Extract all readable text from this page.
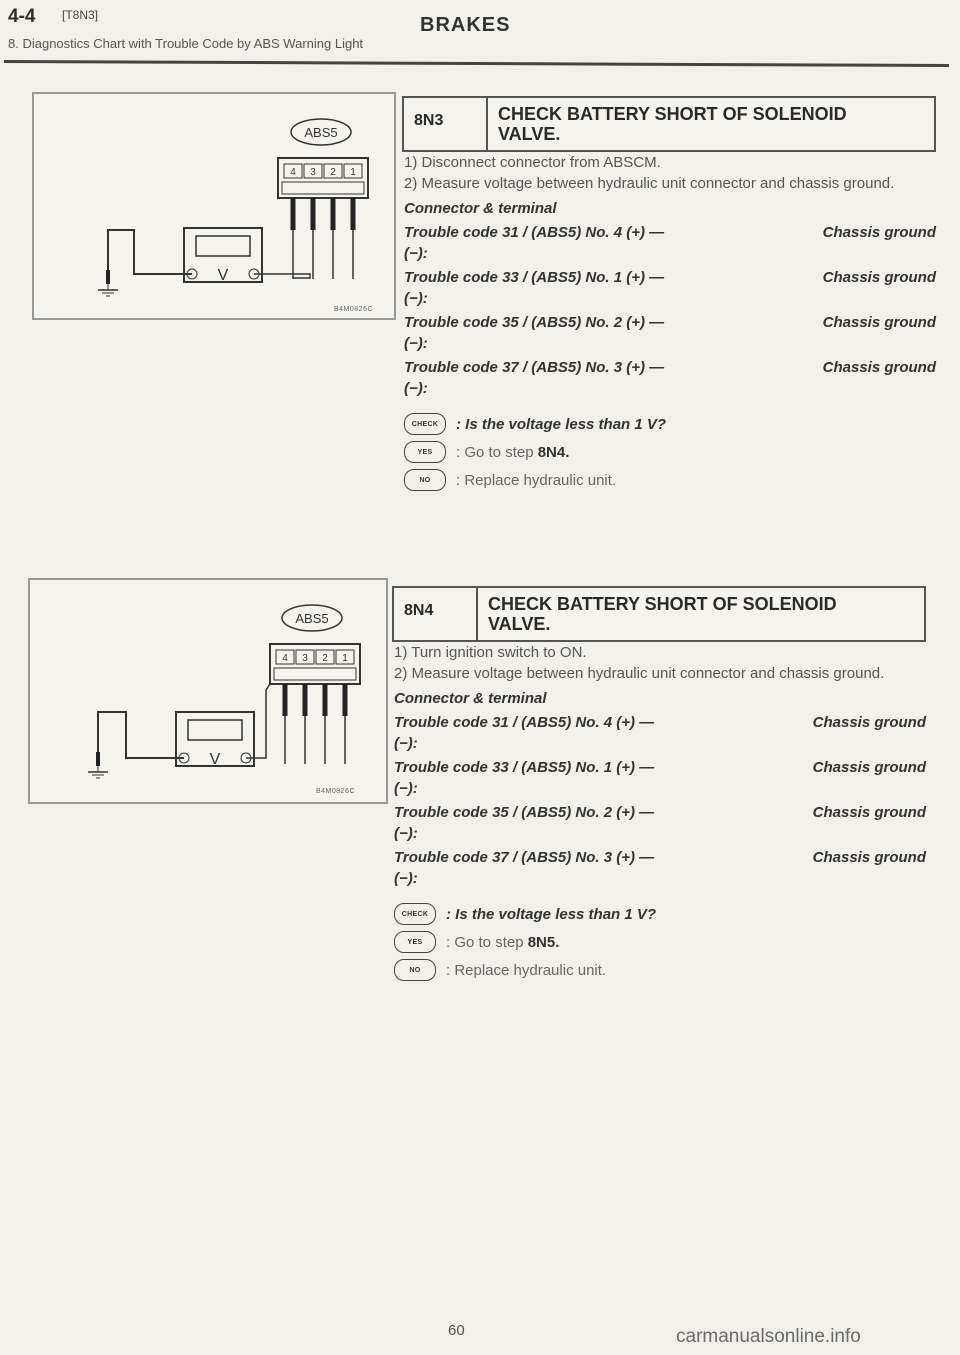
4-4 [T8N3]	BRAKES
8. Diagnostics Chart with Trouble Code by ABS Warning Light
ABS5
4 3 2 1
V
B4M0826C
ABS5
4 3 2 1
V
B4M0826C
8N3	CHECK BATTERY SHORT OF SOLENOID
VALVE.

1) Disconnect connector from ABSCM.

2) Measure voltage between hydraulic unit connector and chassis ground.

Connector & terminal

Trouble code 31 / (ABS5) No. 4 (+) —	Chassis ground

(−):

Trouble code 33 / (ABS5) No. 1 (+) —	Chassis ground

(−):

Trouble code 35 / (ABS5) No. 2 (+) —	Chassis ground

(−):

Trouble code 37 / (ABS5) No. 3 (+) —	Chassis ground

(−):

CHECK	: Is the voltage less than 1 V?
YES	: Go to step 8N4.
NO	: Replace hydraulic unit.
8N4	CHECK BATTERY SHORT OF SOLENOID
VALVE.

1) Turn ignition switch to ON.

2) Measure voltage between hydraulic unit connector and chassis ground.

Connector & terminal

Trouble code 31 / (ABS5) No. 4 (+) —	Chassis ground

(−):

Trouble code 33 / (ABS5) No. 1 (+) —	Chassis ground

(−):

Trouble code 35 / (ABS5) No. 2 (+) —	Chassis ground

(−):

Trouble code 37 / (ABS5) No. 3 (+) —	Chassis ground

(−):

CHECK	: Is the voltage less than 1 V?
YES	: Go to step 8N5.
NO	: Replace hydraulic unit.
60	carmanualsonline.info
